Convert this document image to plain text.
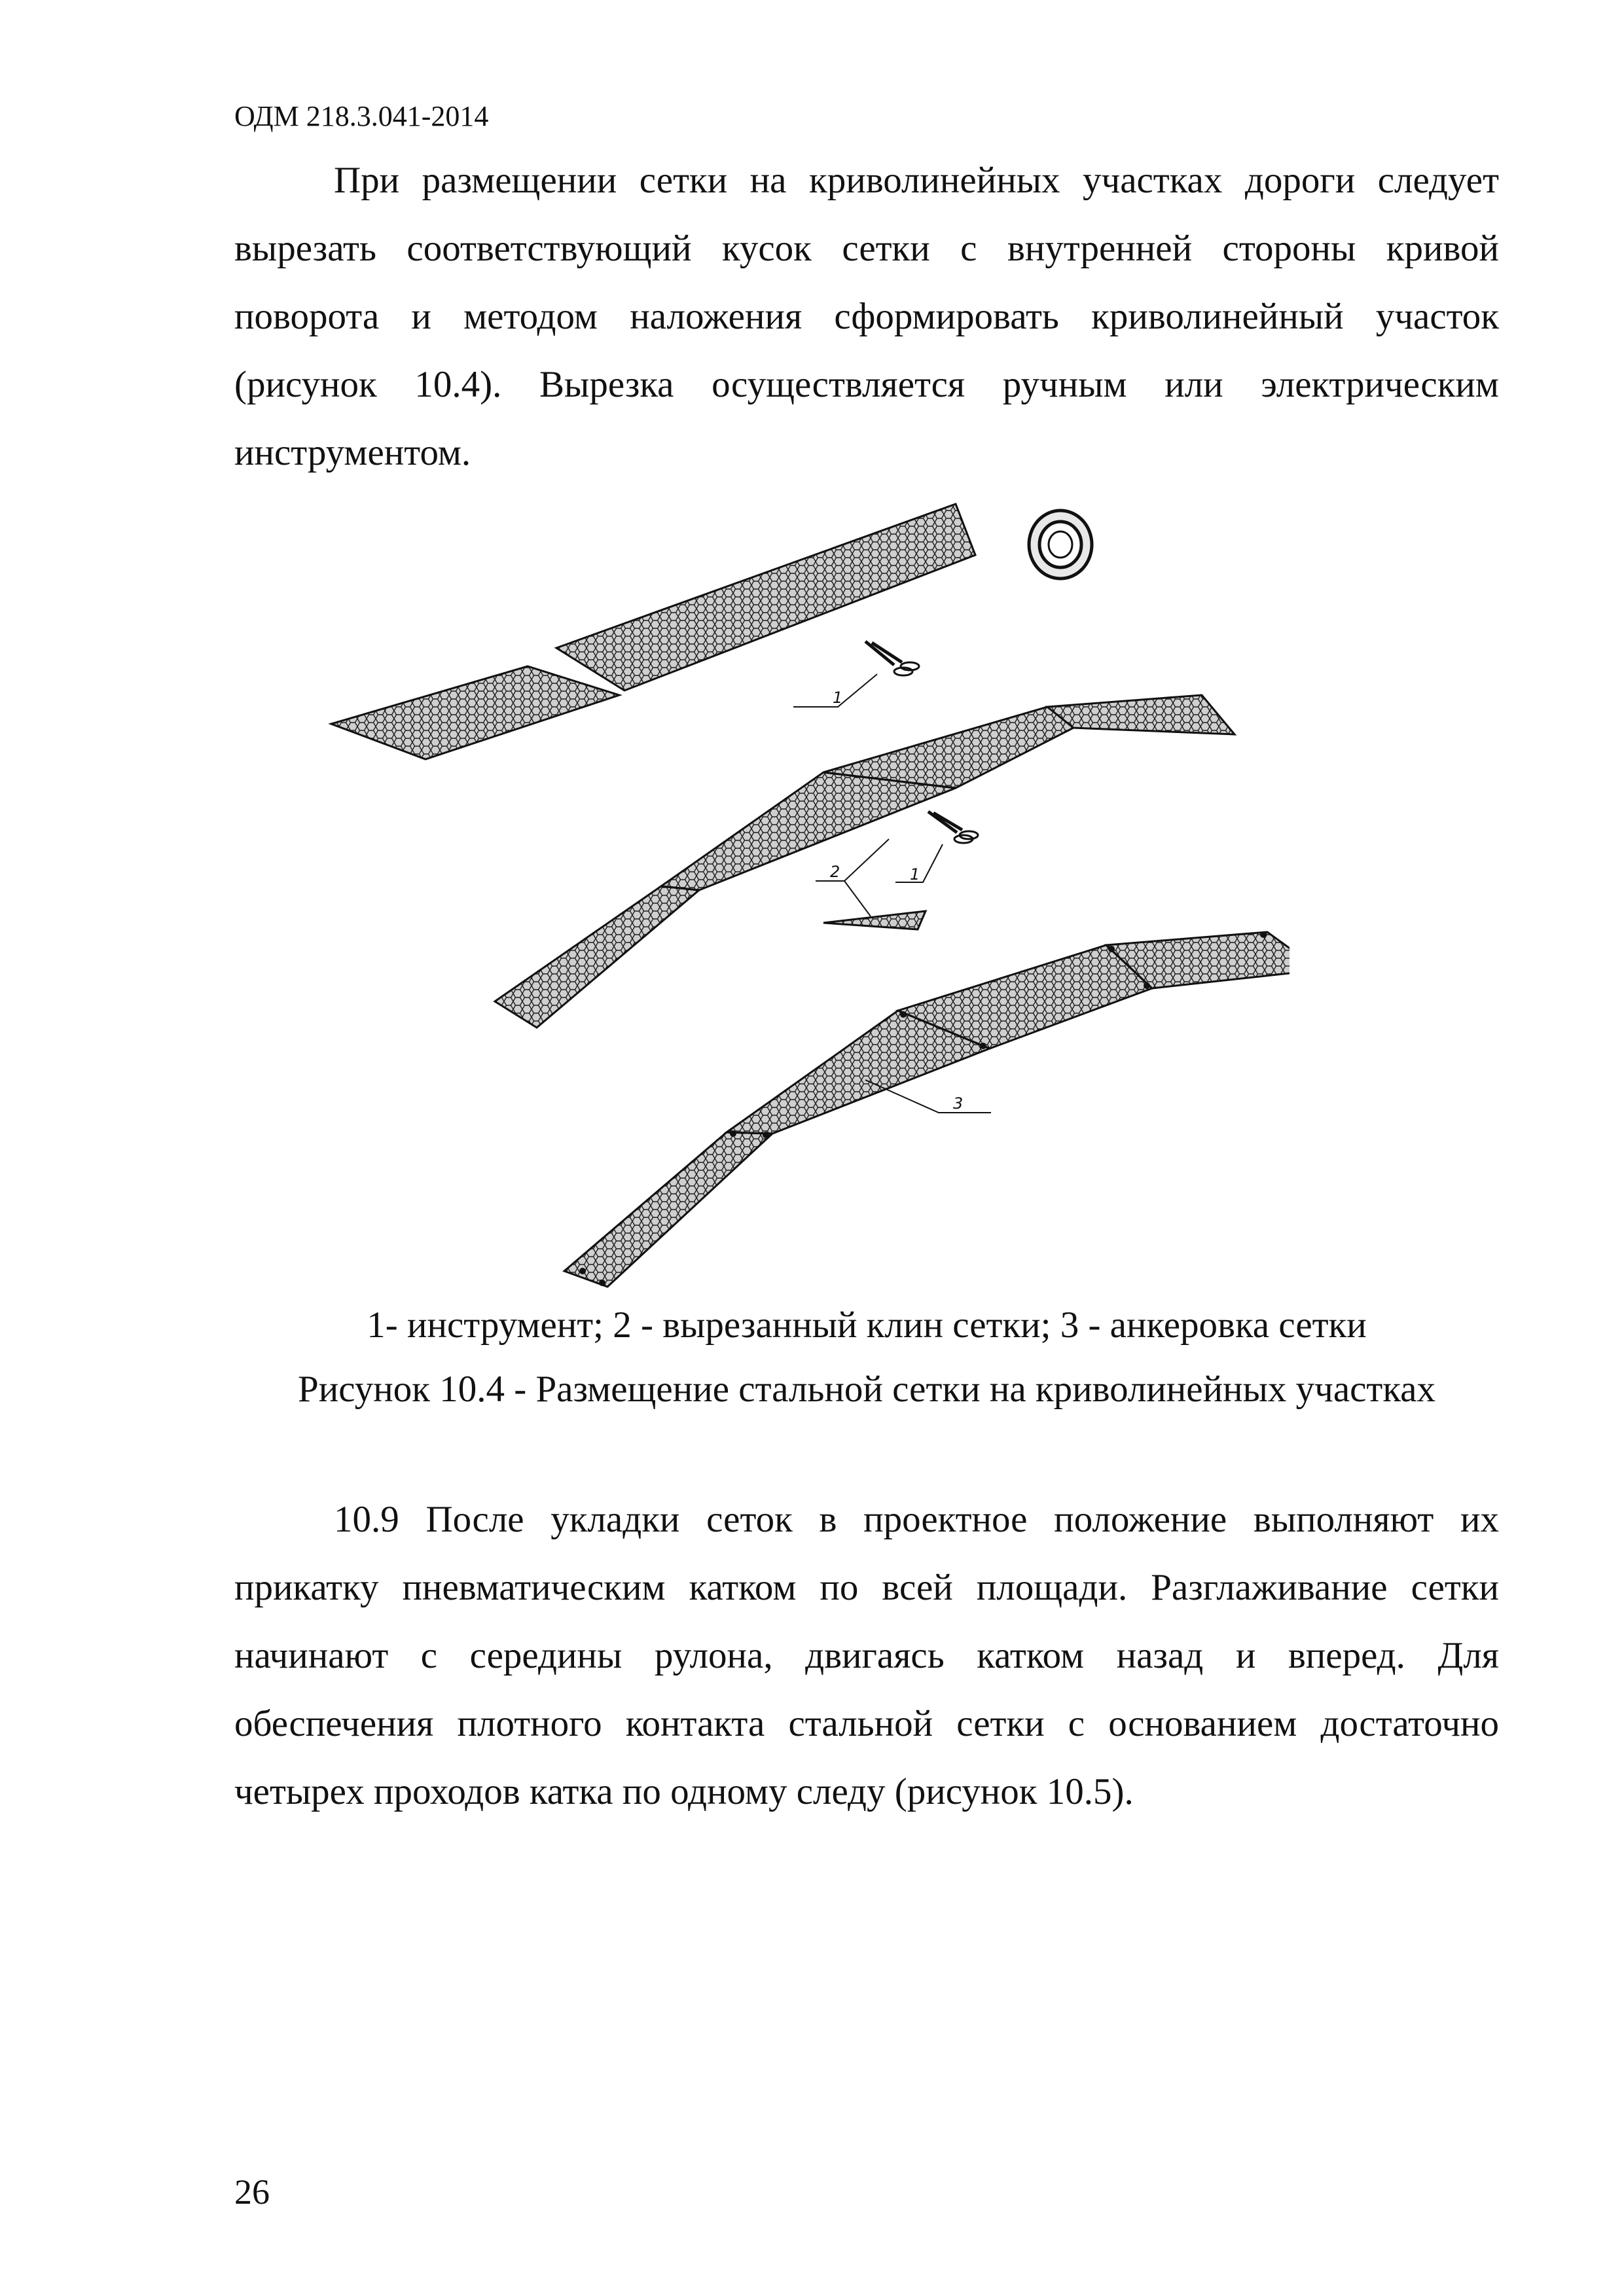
ОДМ 218.3.041-2014

При размещении сетки на криволинейных участках дороги следует вырезать соответствующий кусок сетки с внутренней стороны кривой поворота и методом наложения сформировать криволинейный участок (рисунок 10.4). Вырезка осуществляется ручным или электрическим инструментом.

1
1
2
3
1- инструмент; 2 - вырезанный клин сетки; 3 - анкеровка сетки
Рисунок 10.4 - Размещение стальной сетки на криволинейных участках

10.9 После укладки сеток в проектное положение выполняют их прикатку пневматическим катком по всей площади. Разглаживание сетки начинают с середины рулона, двигаясь катком назад и вперед. Для обеспечения плотного контакта стальной сетки с основанием достаточно четырех проходов катка по одному следу (рисунок 10.5).

26
